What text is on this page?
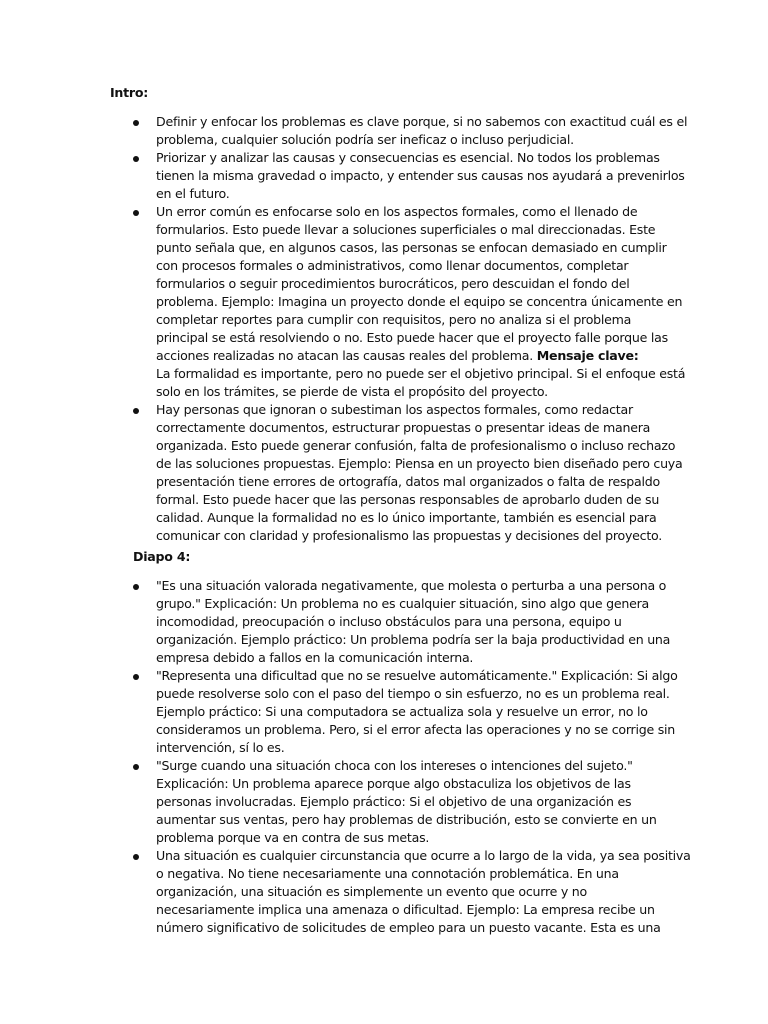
Intro:
Definir y enfocar los problemas es clave porque, si no sabemos con exactitud cuál es el
problema, cualquier solución podría ser ineficaz o incluso perjudicial.
Priorizar y analizar las causas y consecuencias es esencial. No todos los problemas
tienen la misma gravedad o impacto, y entender sus causas nos ayudará a prevenirlos
en el futuro.
Un error común es enfocarse solo en los aspectos formales, como el llenado de
formularios. Esto puede llevar a soluciones superficiales o mal direccionadas. Este
punto señala que, en algunos casos, las personas se enfocan demasiado en cumplir
con procesos formales o administrativos, como llenar documentos, completar
formularios o seguir procedimientos burocráticos, pero descuidan el fondo del
problema. Ejemplo: Imagina un proyecto donde el equipo se concentra únicamente en
completar reportes para cumplir con requisitos, pero no analiza si el problema
principal se está resolviendo o no. Esto puede hacer que el proyecto falle porque las
acciones realizadas no atacan las causas reales del problema. Mensaje clave:
La formalidad es importante, pero no puede ser el objetivo principal. Si el enfoque está
solo en los trámites, se pierde de vista el propósito del proyecto.
Hay personas que ignoran o subestiman los aspectos formales, como redactar
correctamente documentos, estructurar propuestas o presentar ideas de manera
organizada. Esto puede generar confusión, falta de profesionalismo o incluso rechazo
de las soluciones propuestas. Ejemplo: Piensa en un proyecto bien diseñado pero cuya
presentación tiene errores de ortografía, datos mal organizados o falta de respaldo
formal. Esto puede hacer que las personas responsables de aprobarlo duden de su
calidad. Aunque la formalidad no es lo único importante, también es esencial para
comunicar con claridad y profesionalismo las propuestas y decisiones del proyecto.
Diapo 4:
"Es una situación valorada negativamente, que molesta o perturba a una persona o
grupo." Explicación: Un problema no es cualquier situación, sino algo que genera
incomodidad, preocupación o incluso obstáculos para una persona, equipo u
organización. Ejemplo práctico: Un problema podría ser la baja productividad en una
empresa debido a fallos en la comunicación interna.
"Representa una dificultad que no se resuelve automáticamente." Explicación: Si algo
puede resolverse solo con el paso del tiempo o sin esfuerzo, no es un problema real.
Ejemplo práctico: Si una computadora se actualiza sola y resuelve un error, no lo
consideramos un problema. Pero, si el error afecta las operaciones y no se corrige sin
intervención, sí lo es.
"Surge cuando una situación choca con los intereses o intenciones del sujeto."
Explicación: Un problema aparece porque algo obstaculiza los objetivos de las
personas involucradas. Ejemplo práctico: Si el objetivo de una organización es
aumentar sus ventas, pero hay problemas de distribución, esto se convierte en un
problema porque va en contra de sus metas.
Una situación es cualquier circunstancia que ocurre a lo largo de la vida, ya sea positiva
o negativa. No tiene necesariamente una connotación problemática. En una
organización, una situación es simplemente un evento que ocurre y no
necesariamente implica una amenaza o dificultad. Ejemplo: La empresa recibe un
número significativo de solicitudes de empleo para un puesto vacante. Esta es una
